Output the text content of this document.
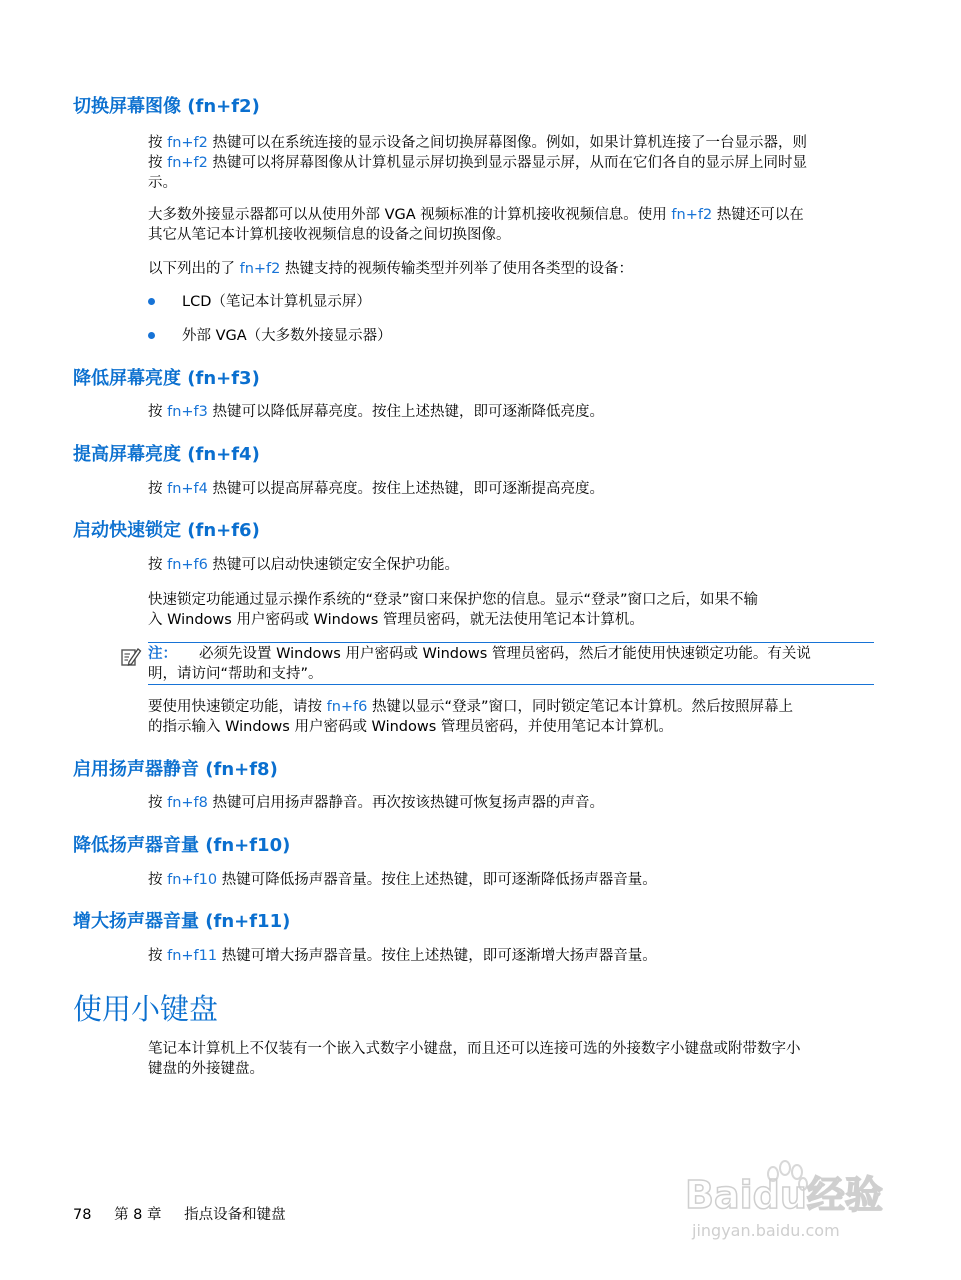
切换屏幕图像 (fn+f2)
按 fn+f2 热键可以在系统连接的显示设备之间切换屏幕图像。例如，如果计算机连接了一台显示器，则
按 fn+f2 热键可以将屏幕图像从计算机显示屏切换到显示器显示屏，从而在它们各自的显示屏上同时显
示。
大多数外接显示器都可以从使用外部 VGA 视频标准的计算机接收视频信息。使用 fn+f2 热键还可以在
其它从笔记本计算机接收视频信息的设备之间切换图像。
以下列出的了 fn+f2 热键支持的视频传输类型并列举了使用各类型的设备：
LCD（笔记本计算机显示屏）
外部 VGA（大多数外接显示器）
降低屏幕亮度 (fn+f3)
按 fn+f3 热键可以降低屏幕亮度。按住上述热键，即可逐渐降低亮度。
提高屏幕亮度 (fn+f4)
按 fn+f4 热键可以提高屏幕亮度。按住上述热键，即可逐渐提高亮度。
启动快速锁定 (fn+f6)
按 fn+f6 热键可以启动快速锁定安全保护功能。
快速锁定功能通过显示操作系统的“登录”窗口来保护您的信息。显示“登录”窗口之后，如果不输
入 Windows 用户密码或 Windows 管理员密码，就无法使用笔记本计算机。
注： 必须先设置 Windows 用户密码或 Windows 管理员密码，然后才能使用快速锁定功能。有关说
明，请访问“帮助和支持”。
要使用快速锁定功能，请按 fn+f6 热键以显示“登录”窗口，同时锁定笔记本计算机。然后按照屏幕上
的指示输入 Windows 用户密码或 Windows 管理员密码，并使用笔记本计算机。
启用扬声器静音 (fn+f8)
按 fn+f8 热键可启用扬声器静音。再次按该热键可恢复扬声器的声音。
降低扬声器音量 (fn+f10)
按 fn+f10 热键可降低扬声器音量。按住上述热键，即可逐渐降低扬声器音量。
增大扬声器音量 (fn+f11)
按 fn+f11 热键可增大扬声器音量。按住上述热键，即可逐渐增大扬声器音量。
使用小键盘
笔记本计算机上不仅装有一个嵌入式数字小键盘，而且还可以连接可选的外接数字小键盘或附带数字小
键盘的外接键盘。
78 第 8 章 指点设备和键盘	Baidu经验
jingyan.baidu.com
